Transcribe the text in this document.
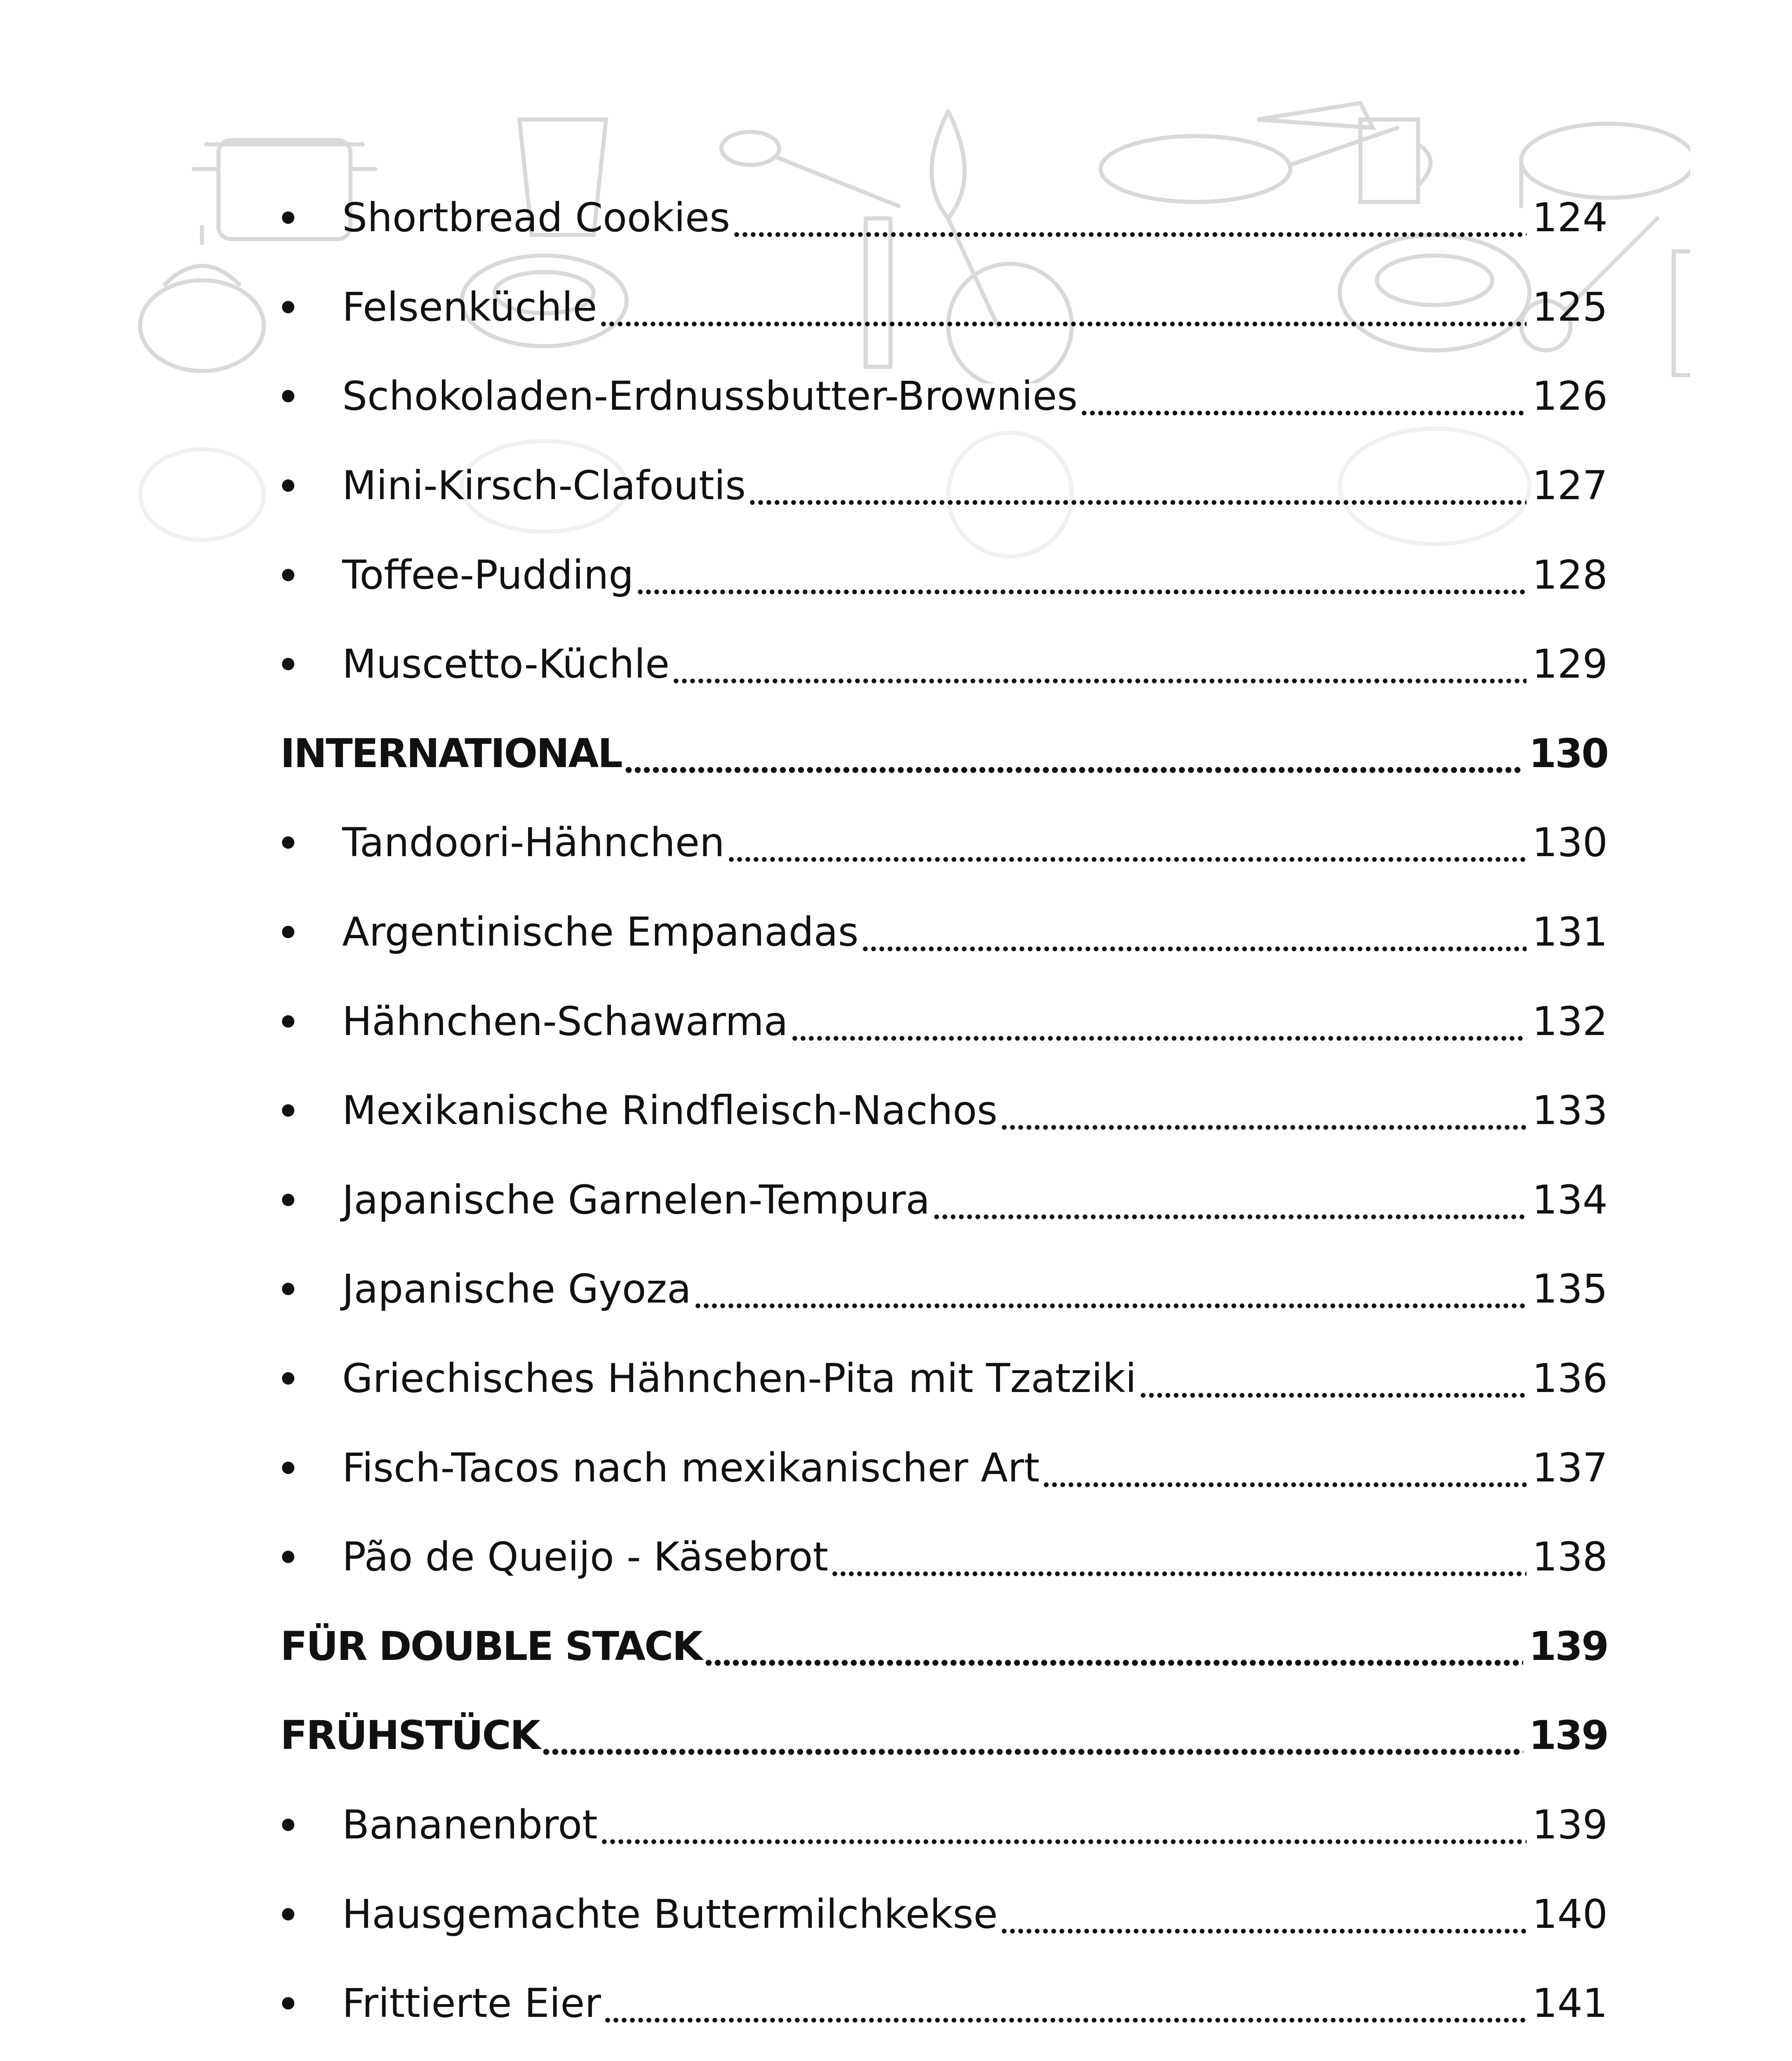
Shortbread Cookies	124
Felsenküchle	125
Schokoladen-Erdnussbutter-Brownies	126
Mini-Kirsch-Clafoutis	127
Toffee-Pudding	128
Muscetto-Küchle	129
INTERNATIONAL	130
Tandoori-Hähnchen	130
Argentinische Empanadas	131
Hähnchen-Schawarma	132
Mexikanische Rindfleisch-Nachos	133
Japanische Garnelen-Tempura	134
Japanische Gyoza	135
Griechisches Hähnchen-Pita mit Tzatziki	136
Fisch-Tacos nach mexikanischer Art	137
Pão de Queijo - Käsebrot	138
FÜR DOUBLE STACK	139
FRÜHSTÜCK	139
Bananenbrot	139
Hausgemachte Buttermilchkekse	140
Frittierte Eier	141
